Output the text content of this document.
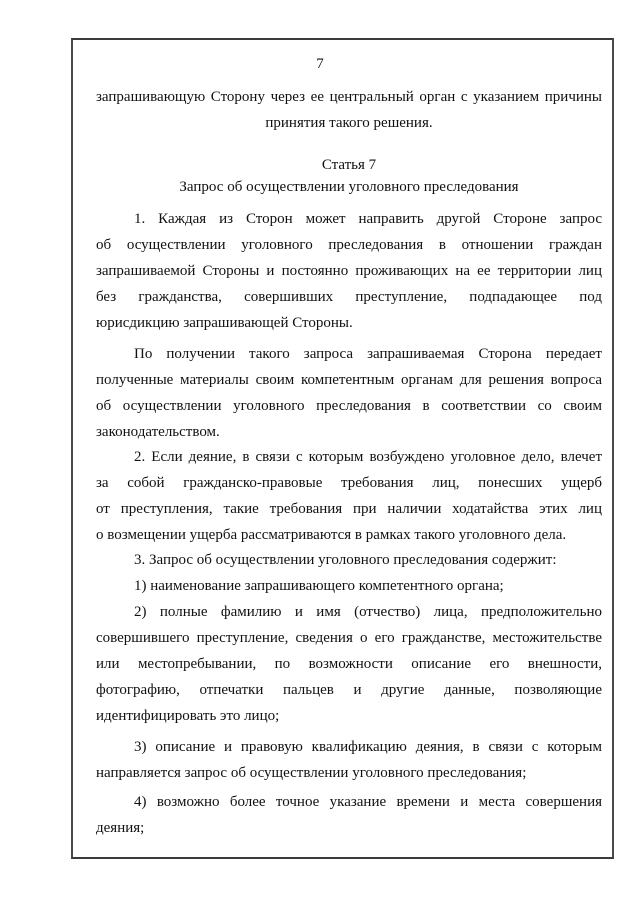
7
запрашивающую Сторону через ее центральный орган с указанием причины
принятия такого решения.
Статья 7
Запрос об осуществлении уголовного преследования
1. Каждая из Сторон может направить другой Стороне запрос
об осуществлении уголовного преследования в отношении граждан
запрашиваемой Стороны и постоянно проживающих на ее территории лиц
без гражданства, совершивших преступление, подпадающее под
юрисдикцию запрашивающей Стороны.
По получении такого запроса запрашиваемая Сторона передает
полученные материалы своим компетентным органам для решения вопроса
об осуществлении уголовного преследования в соответствии со своим
законодательством.
2. Если деяние, в связи с которым возбуждено уголовное дело, влечет
за собой гражданско-правовые требования лиц, понесших ущерб
от преступления, такие требования при наличии ходатайства этих лиц
о возмещении ущерба рассматриваются в рамках такого уголовного дела.
3. Запрос об осуществлении уголовного преследования содержит:
1) наименование запрашивающего компетентного органа;
2) полные фамилию и имя (отчество) лица, предположительно
совершившего преступление, сведения о его гражданстве, местожительстве
или местопребывании, по возможности описание его внешности,
фотографию, отпечатки пальцев и другие данные, позволяющие
идентифицировать это лицо;
3) описание и правовую квалификацию деяния, в связи с которым
направляется запрос об осуществлении уголовного преследования;
4) возможно более точное указание времени и места совершения
деяния;
